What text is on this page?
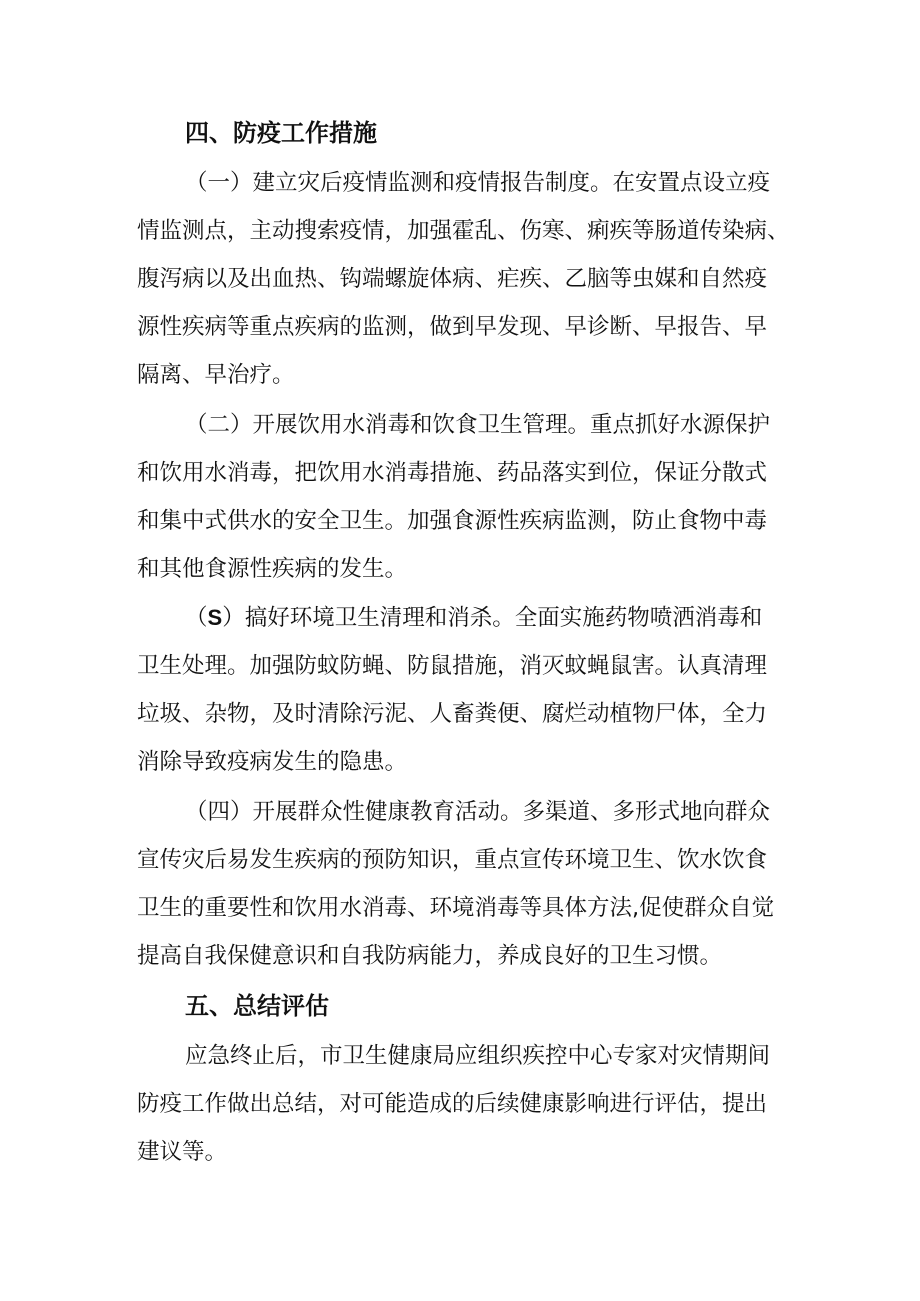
四、防疫工作措施

（一）建立灾后疫情监测和疫情报告制度。在安置点设立疫

情监测点，主动搜索疫情，加强霍乱、伤寒、痢疾等肠道传染病、

腹泻病以及出血热、钩端螺旋体病、疟疾、乙脑等虫媒和自然疫

源性疾病等重点疾病的监测，做到早发现、早诊断、早报告、早

隔离、早治疗。

（二）开展饮用水消毒和饮食卫生管理。重点抓好水源保护

和饮用水消毒，把饮用水消毒措施、药品落实到位，保证分散式

和集中式供水的安全卫生。加强食源性疾病监测，防止食物中毒

和其他食源性疾病的发生。

（S）搞好环境卫生清理和消杀。全面实施药物喷洒消毒和

卫生处理。加强防蚊防蝇、防鼠措施，消灭蚊蝇鼠害。认真清理

垃圾、杂物，及时清除污泥、人畜粪便、腐烂动植物尸体，全力

消除导致疫病发生的隐患。

（四）开展群众性健康教育活动。多渠道、多形式地向群众

宣传灾后易发生疾病的预防知识，重点宣传环境卫生、饮水饮食

卫生的重要性和饮用水消毒、环境消毒等具体方法,促使群众自觉

提高自我保健意识和自我防病能力，养成良好的卫生习惯。

五、总结评估

应急终止后，市卫生健康局应组织疾控中心专家对灾情期间

防疫工作做出总结，对可能造成的后续健康影响进行评估，提出

建议等。
